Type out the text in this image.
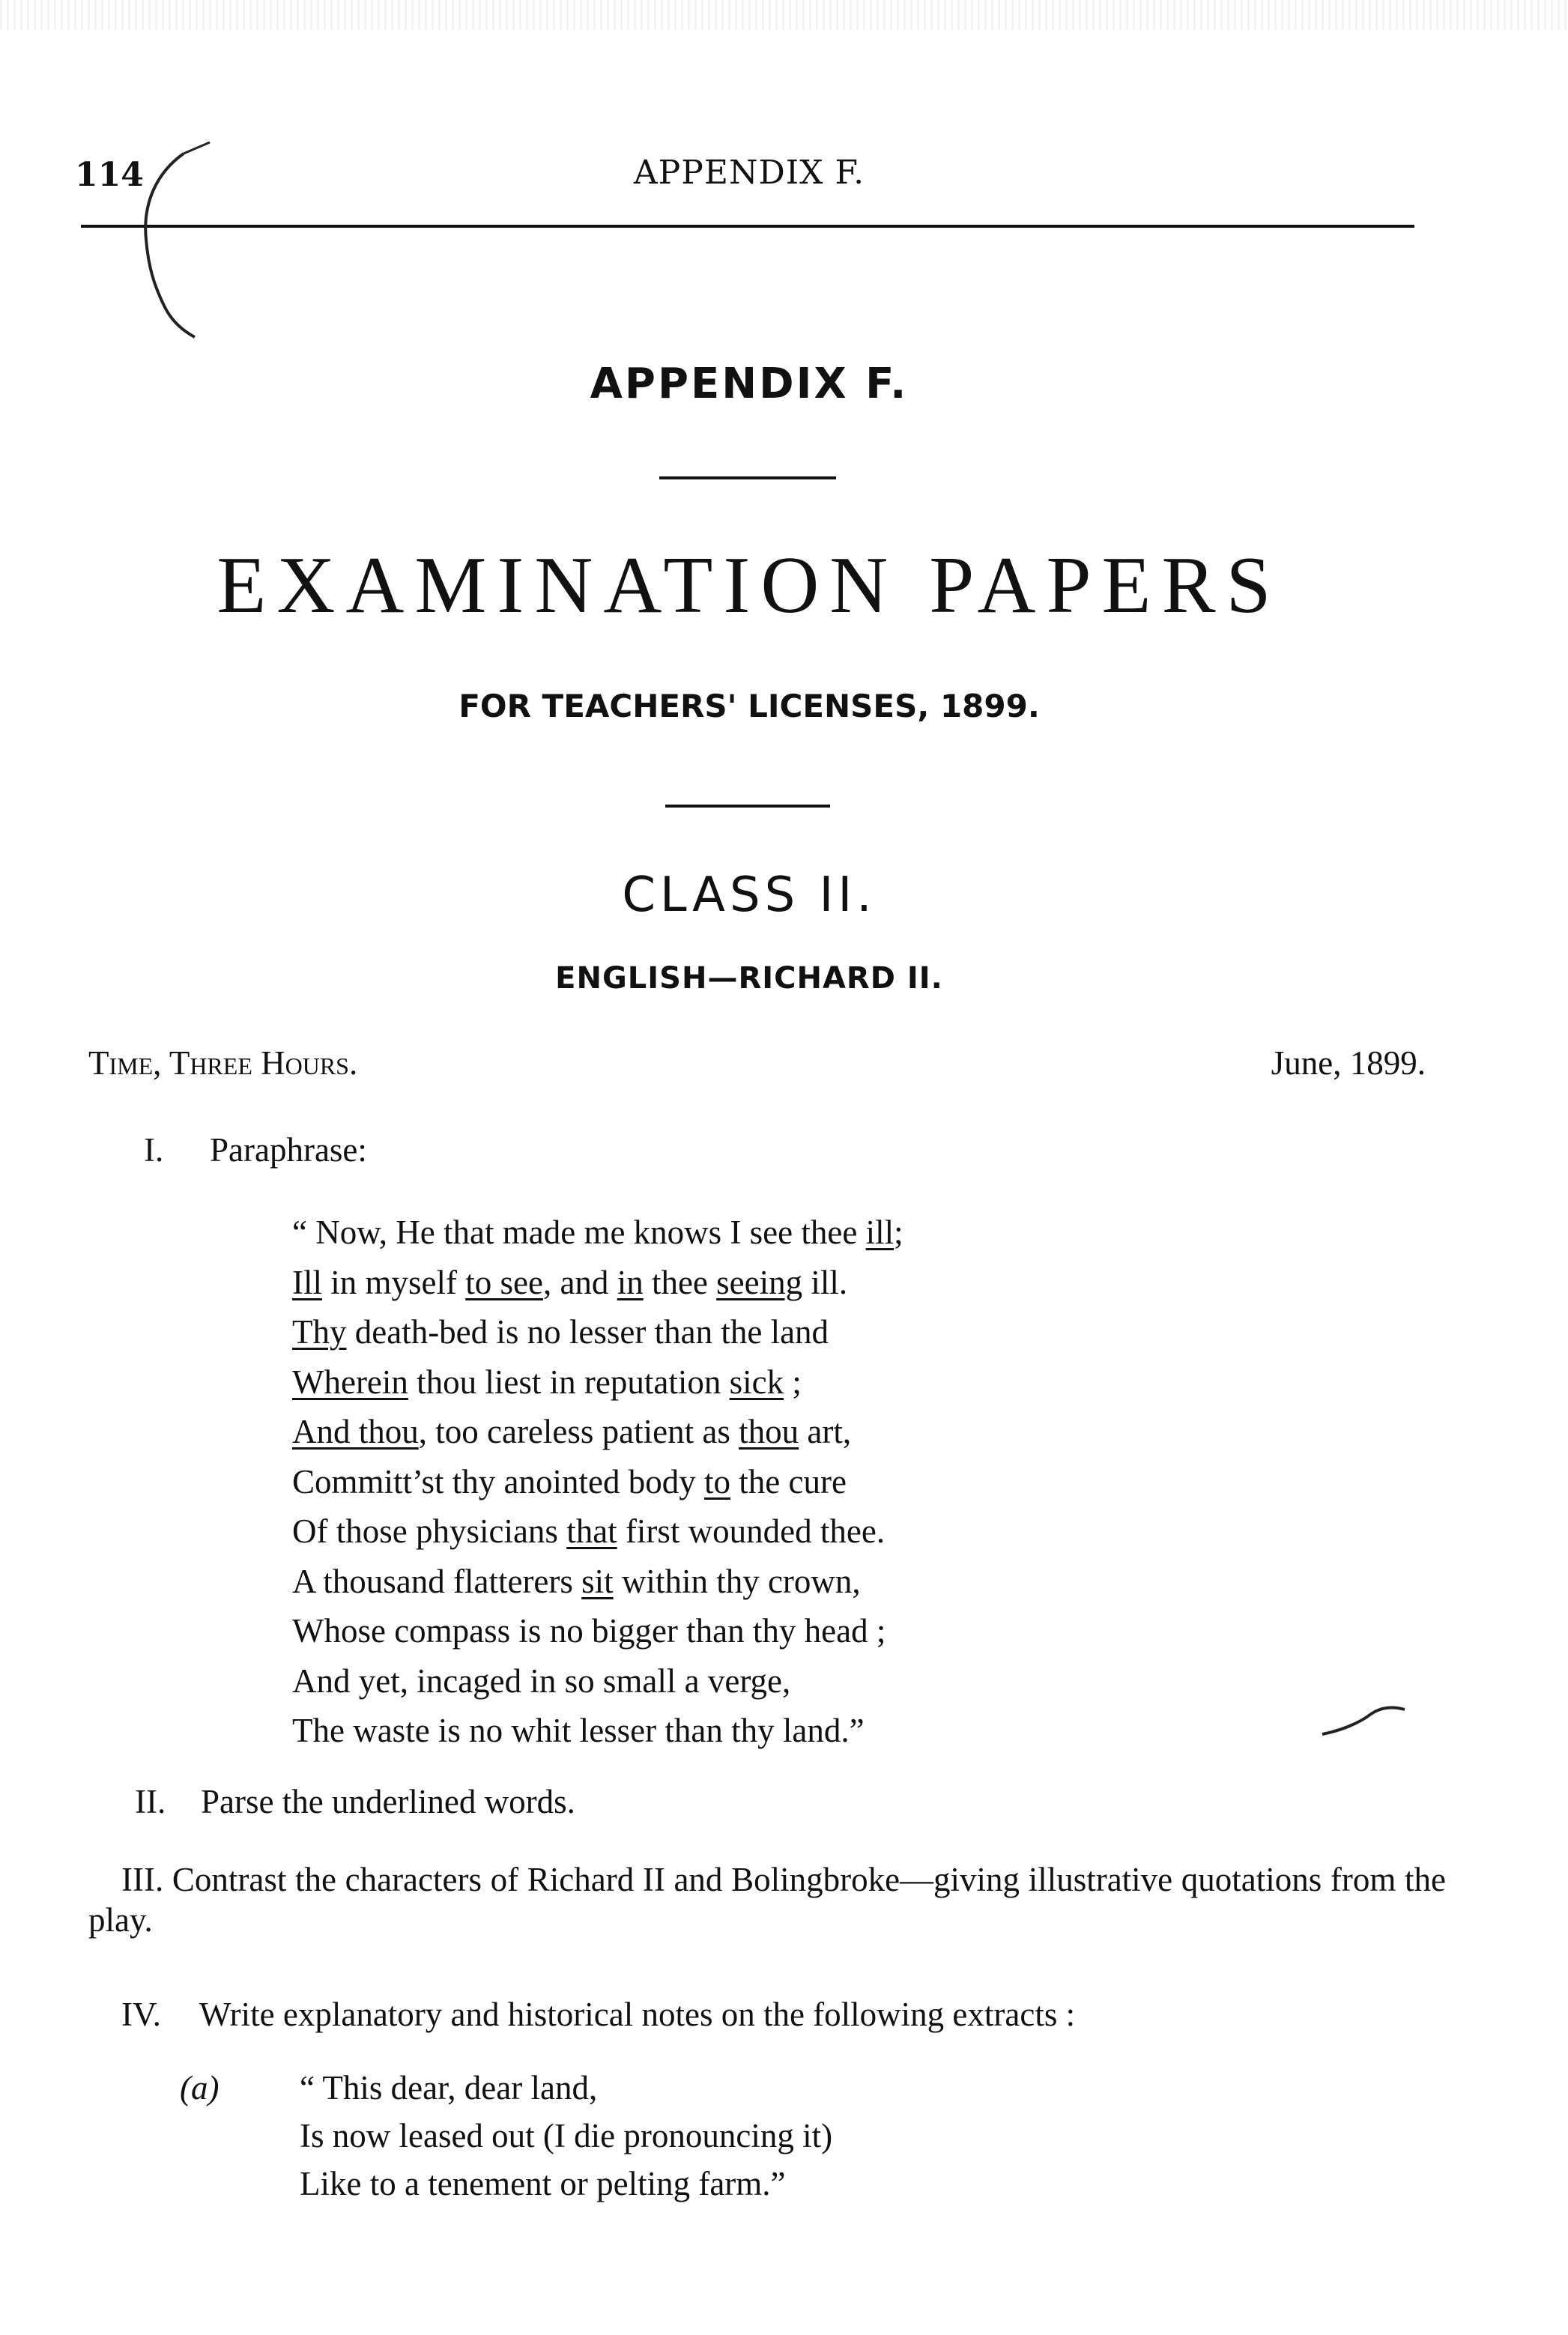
114	APPENDIX F.
APPENDIX F.
EXAMINATION PAPERS
FOR TEACHERS' LICENSES, 1899.
CLASS II.
ENGLISH—RICHARD II.
Time, Three Hours.	June, 1899.
I. Paraphrase:
“ Now, He that made me knows I see thee ill;
Ill in myself to see, and in thee seeing ill.
Thy death-bed is no lesser than the land
Wherein thou liest in reputation sick ;
And thou, too careless patient as thou art,
Committ’st thy anointed body to the cure
Of those physicians that first wounded thee.
A thousand flatterers sit within thy crown,
Whose compass is no bigger than thy head ;
And yet, incaged in so small a verge,
The waste is no whit lesser than thy land.”
II. Parse the underlined words.
III. Contrast the characters of Richard II and Bolingbroke—giving illustrative quotations from the play.
IV. Write explanatory and historical notes on the following extracts :
(a) “ This dear, dear land,
Is now leased out (I die pronouncing it)
Like to a tenement or pelting farm.”
